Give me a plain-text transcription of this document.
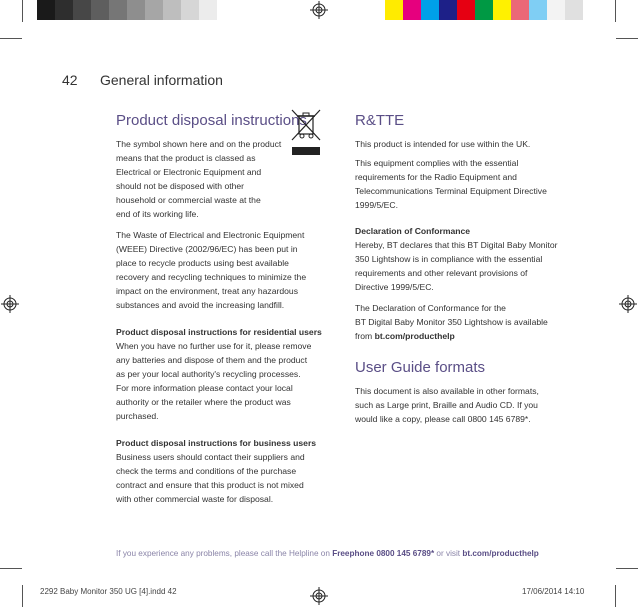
42 General information
Product disposal instructions

The symbol shown here and on the product

means that the product is classed as

Electrical or Electronic Equipment and

should not be disposed with other

household or commercial waste at the

end of its working life.

The Waste of Electrical and Electronic Equipment

(WEEE) Directive (2002/96/EC) has been put in

place to recycle products using best available

recovery and recycling techniques to minimize the

impact on the environment, treat any hazardous

substances and avoid the increasing landfill.

Product disposal instructions for residential users

When you have no further use for it, please remove

any batteries and dispose of them and the product

as per your local authority's recycling processes.

For more information please contact your local

authority or the retailer where the product was

purchased.

Product disposal instructions for business users

Business users should contact their suppliers and

check the terms and conditions of the purchase

contract and ensure that this product is not mixed

with other commercial waste for disposal.

R&TTE

This product is intended for use within the UK.

This equipment complies with the essential

requirements for the Radio Equipment and

Telecommunications Terminal Equipment Directive

1999/5/EC.

Declaration of Conformance

Hereby, BT declares that this BT Digital Baby Monitor

350 Lightshow is in compliance with the essential

requirements and other relevant provisions of

Directive 1999/5/EC.

The Declaration of Conformance for the

BT Digital Baby Monitor 350 Lightshow is available

from bt.com/producthelp

User Guide formats

This document is also available in other formats,

such as Large print, Braille and Audio CD. If you

would like a copy, please call 0800 145 6789*.

If you experience any problems, please call the Helpline on Freephone 0800 145 6789* or visit bt.com/producthelp
2292 Baby Monitor 350 UG [4].indd 42	17/06/2014 14:10
